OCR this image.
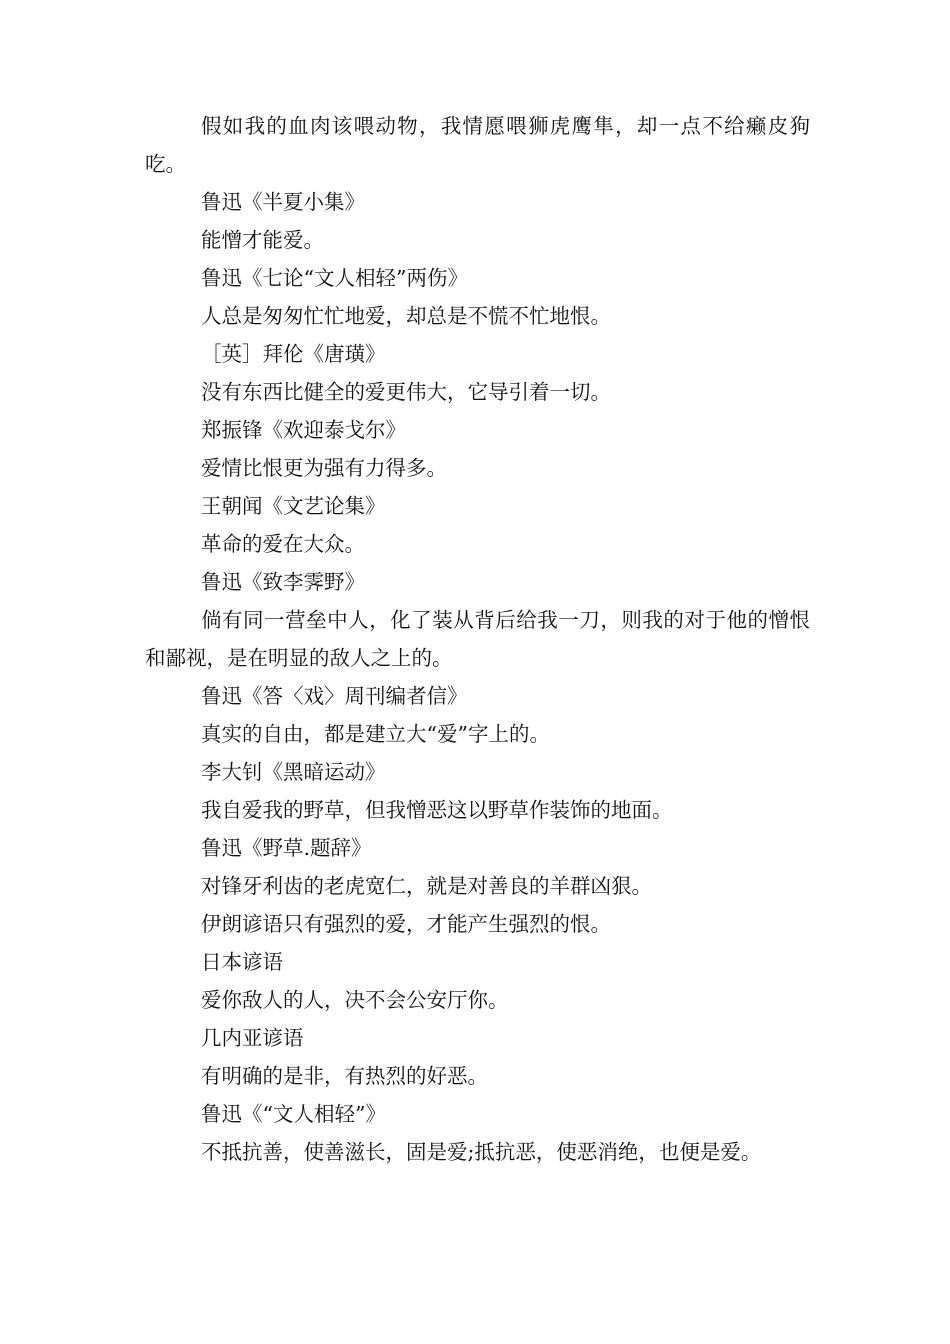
假如我的血肉该喂动物，我情愿喂狮虎鹰隼，却一点不给癞皮狗吃。

鲁迅《半夏小集》

能憎才能爱。

鲁迅《七论“文人相轻”两伤》

人总是匆匆忙忙地爱，却总是不慌不忙地恨。

［英］拜伦《唐璜》

没有东西比健全的爱更伟大，它导引着一切。

郑振锋《欢迎泰戈尔》

爱情比恨更为强有力得多。

王朝闻《文艺论集》

革命的爱在大众。

鲁迅《致李霁野》

倘有同一营垒中人，化了装从背后给我一刀，则我的对于他的憎恨和鄙视，是在明显的敌人之上的。

鲁迅《答〈戏〉周刊编者信》

真实的自由，都是建立大“爱”字上的。

李大钊《黑暗运动》

我自爱我的野草，但我憎恶这以野草作装饰的地面。

鲁迅《野草.题辞》

对锋牙利齿的老虎宽仁，就是对善良的羊群凶狠。

伊朗谚语只有强烈的爱，才能产生强烈的恨。

日本谚语

爱你敌人的人，决不会公安厅你。

几内亚谚语

有明确的是非，有热烈的好恶。

鲁迅《“文人相轻”》

不抵抗善，使善滋长，固是爱;抵抗恶，使恶消绝，也便是爱。
